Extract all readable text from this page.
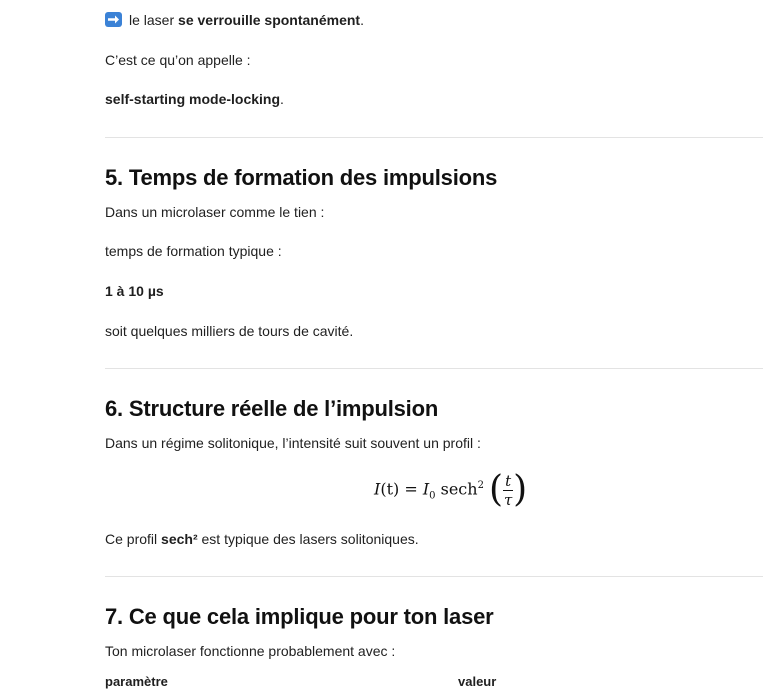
le laser se verrouille spontanément.
C’est ce qu’on appelle :
self-starting mode-locking.
5. Temps de formation des impulsions
Dans un microlaser comme le tien :
temps de formation typique :
1 à 10 µs
soit quelques milliers de tours de cavité.
6. Structure réelle de l’impulsion
Dans un régime solitonique, l’intensité suit souvent un profil :
$I(t) = I_0$ sech$^2$ ( $\frac{t}{\tau}$ )
Ce profil sech² est typique des lasers solitoniques.
7. Ce que cela implique pour ton laser
Ton microlaser fonctionne probablement avec :
paramètre	valeur
